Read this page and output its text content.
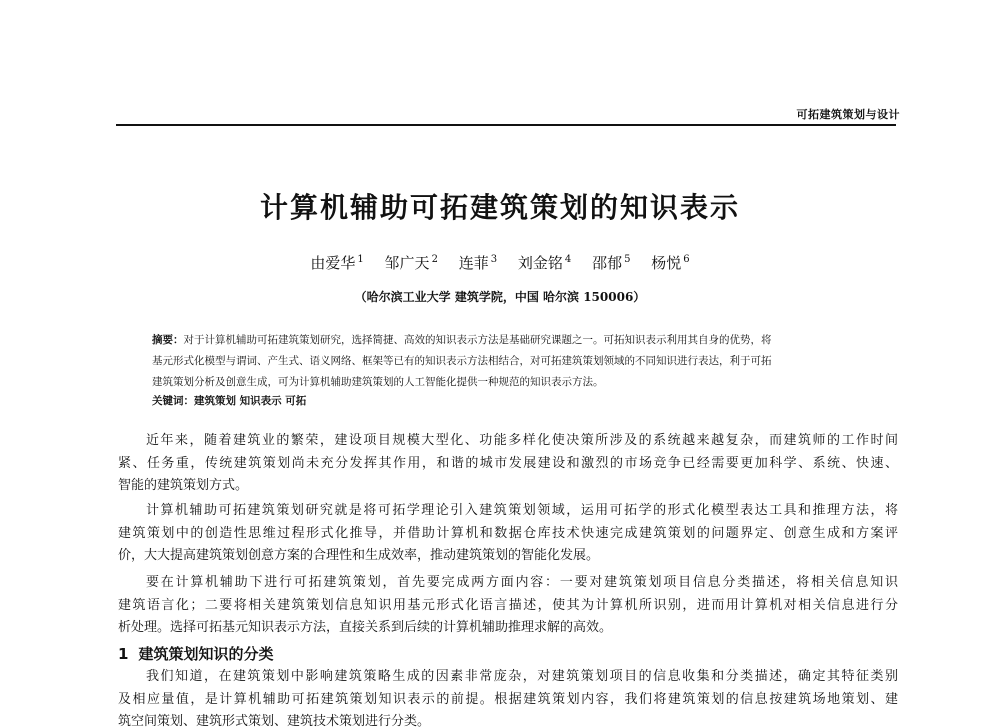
可拓建筑策划与设计
计算机辅助可拓建筑策划的知识表示
由爱华 $^1$ 邹广天 $^2$ 连菲 $^3$ 刘金铭 $^4$ 邵郁 $^5$ 杨悦 $^6$
（哈尔滨工业大学 建筑学院，中国 哈尔滨 150006）
摘要：对于计算机辅助可拓建筑策划研究，选择简捷、高效的知识表示方法是基础研究课题之一。可拓知识表示利用其自身的优势，将
基元形式化模型与谓词、产生式、语义网络、框架等已有的知识表示方法相结合，对可拓建筑策划领域的不同知识进行表达，利于可拓
建筑策划分析及创意生成，可为计算机辅助建筑策划的人工智能化提供一种规范的知识表示方法。
关键词：建筑策划 知识表示 可拓
近年来，随着建筑业的繁荣，建设项目规模大型化、功能多样化使决策所涉及的系统越来越复杂，而建筑师的工作时间
紧、任务重，传统建筑策划尚未充分发挥其作用，和谐的城市发展建设和激烈的市场竞争已经需要更加科学、系统、快速、
智能的建筑策划方式。
计算机辅助可拓建筑策划研究就是将可拓学理论引入建筑策划领域，运用可拓学的形式化模型表达工具和推理方法，将
建筑策划中的创造性思维过程形式化推导，并借助计算机和数据仓库技术快速完成建筑策划的问题界定、创意生成和方案评
价，大大提高建筑策划创意方案的合理性和生成效率，推动建筑策划的智能化发展。
要在计算机辅助下进行可拓建筑策划，首先要完成两方面内容：一要对建筑策划项目信息分类描述，将相关信息知识
建筑语言化；二要将相关建筑策划信息知识用基元形式化语言描述，使其为计算机所识别，进而用计算机对相关信息进行分
析处理。选择可拓基元知识表示方法，直接关系到后续的计算机辅助推理求解的高效。
1 建筑策划知识的分类
我们知道，在建筑策划中影响建筑策略生成的因素非常庞杂，对建筑策划项目的信息收集和分类描述，确定其特征类别
及相应量值，是计算机辅助可拓建筑策划知识表示的前提。根据建筑策划内容，我们将建筑策划的信息按建筑场地策划、建
筑空间策划、建筑形式策划、建筑技术策划进行分类。
